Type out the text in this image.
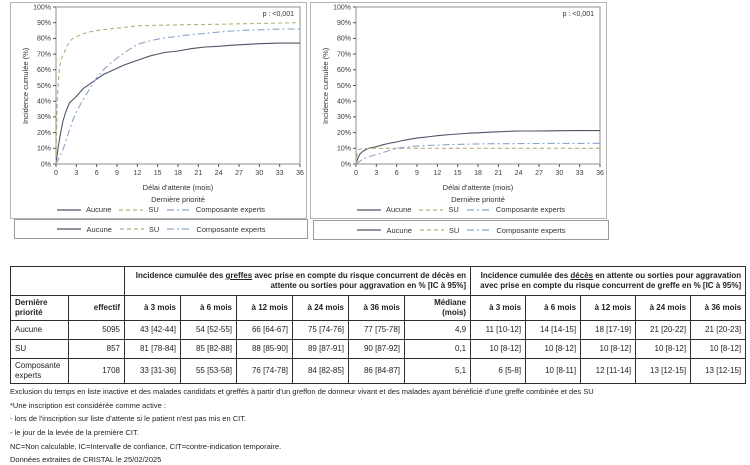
0%
10%
20%
30%
40%
50%
60%
70%
80%
90%
100%
0 3 6 9 12 15 18 21 24 27 30 33 36
p : <0,001
Incidence cumulée (%)
Délai d'attente (mois)
Dernière priorité
Aucune	SU	Composante experts
0%
10%
20%
30%
40%
50%
60%
70%
80%
90%
100%
0 3 6 9 12 15 18 21 24 27 30 33 36
p : <0,001
Incidence cumulée (%)
Délai d'attente (mois)
Dernière priorité
Aucune	SU	Composante experts
Aucune	SU	Composante experts	Aucune	SU	Composante experts
		Incidence cumulée des greffes avec prise en compte du risque concurrent de décès en attente ou sorties pour aggravation en % [IC à 95%]						Incidence cumulée des décès en attente ou sorties pour aggravation avec prise en compte du risque concurrent de greffe en % [IC à 95%]				
Dernière priorité	effectif	à 3 mois	à 6 mois	à 12 mois	à 24 mois	à 36 mois	Médiane (mois)	à 3 mois	à 6 mois	à 12 mois	à 24 mois	à 36 mois
Aucune	5095	43 [42-44]	54 [52-55]	66 [64-67]	75 [74-76]	77 [75-78]	4,9	11 [10-12]	14 [14-15]	18 [17-19]	21 [20-22]	21 [20-23]
SU	857	81 [78-84]	85 [82-88]	88 [85-90]	89 [87-91]	90 [87-92]	0,1	10 [8-12]	10 [8-12]	10 [8-12]	10 [8-12]	10 [8-12]
Composante experts	1708	33 [31-36]	55 [53-58]	76 [74-78]	84 [82-85]	86 [84-87]	5,1	6 [5-8]	10 [8-11]	12 [11-14]	13 [12-15]	13 [12-15]
Exclusion du temps en liste inactive et des malades candidats et greffés à partir d'un greffon de donneur vivant et des malades ayant bénéficié d'une greffe combinée et des SU
*Une inscription est considérée comme active :
- lors de l'inscription sur liste d'attente si le patient n'est pas mis en CIT.
- le jour de la levée de la première CIT.
NC=Non calculable, IC=Intervalle de confiance, CIT=contre-indication temporaire.
Données extraites de CRISTAL le 25/02/2025
